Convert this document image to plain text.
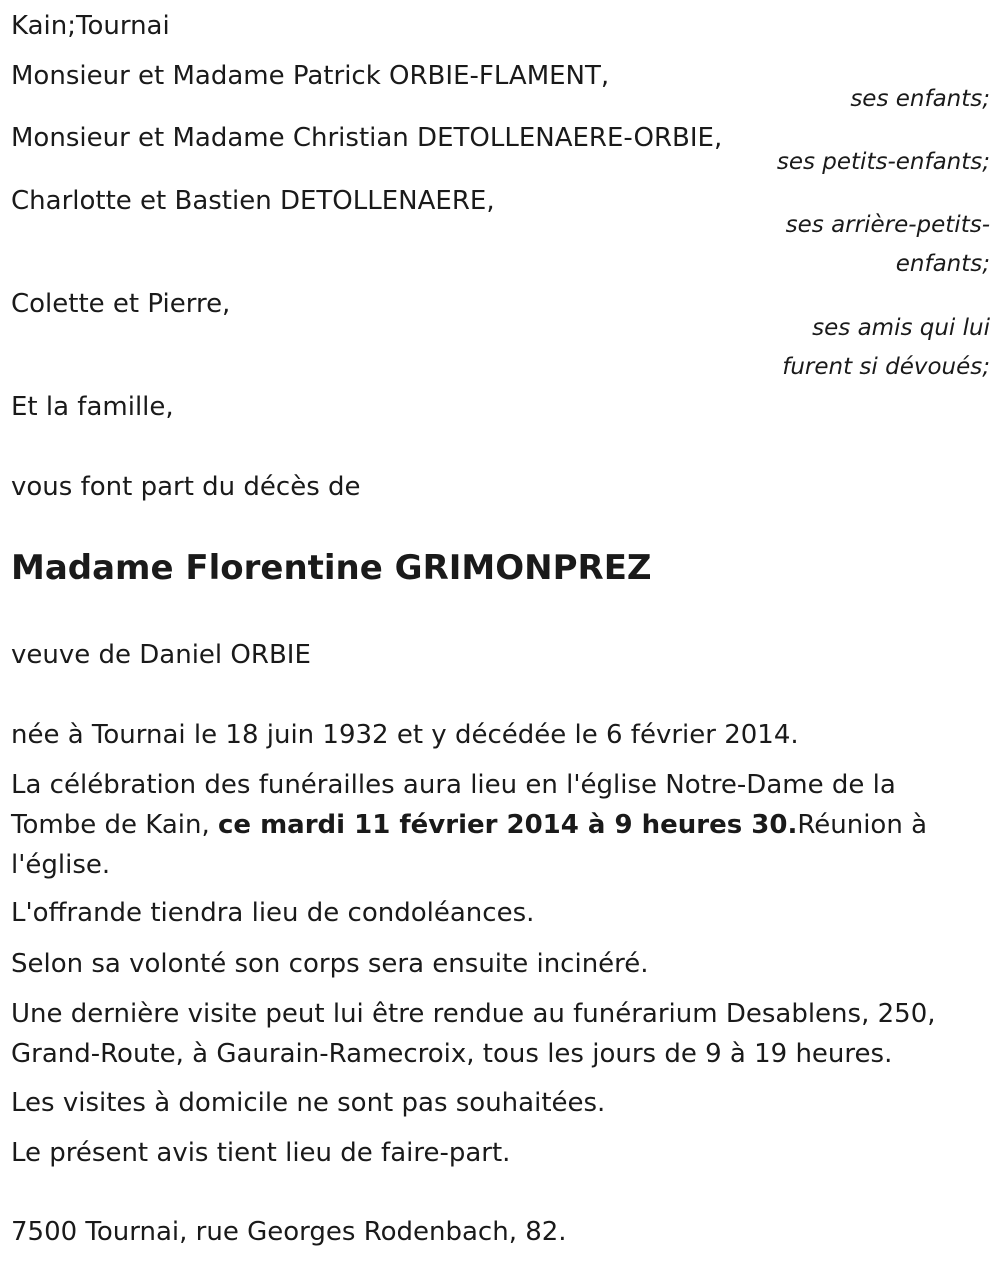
Kain;Tournai
Monsieur et Madame Patrick ORBIE-FLAMENT,
ses enfants;
Monsieur et Madame Christian DETOLLENAERE-ORBIE,
ses petits-enfants;
Charlotte et Bastien DETOLLENAERE,
ses arrière-petits-
enfants;
Colette et Pierre,
ses amis qui lui
furent si dévoués;
Et la famille,
vous font part du décès de
Madame Florentine GRIMONPREZ
veuve de Daniel ORBIE
née à Tournai le 18 juin 1932 et y décédée le 6 février 2014.
La célébration des funérailles aura lieu en l'église Notre-Dame de la Tombe de Kain, ce mardi 11 février 2014 à 9 heures 30.Réunion à l'église.
L'offrande tiendra lieu de condoléances.
Selon sa volonté son corps sera ensuite incinéré.
Une dernière visite peut lui être rendue au funérarium Desablens, 250, Grand-Route, à Gaurain-Ramecroix, tous les jours de 9 à 19 heures.
Les visites à domicile ne sont pas souhaitées.
Le présent avis tient lieu de faire-part.
7500 Tournai, rue Georges Rodenbach, 82.
